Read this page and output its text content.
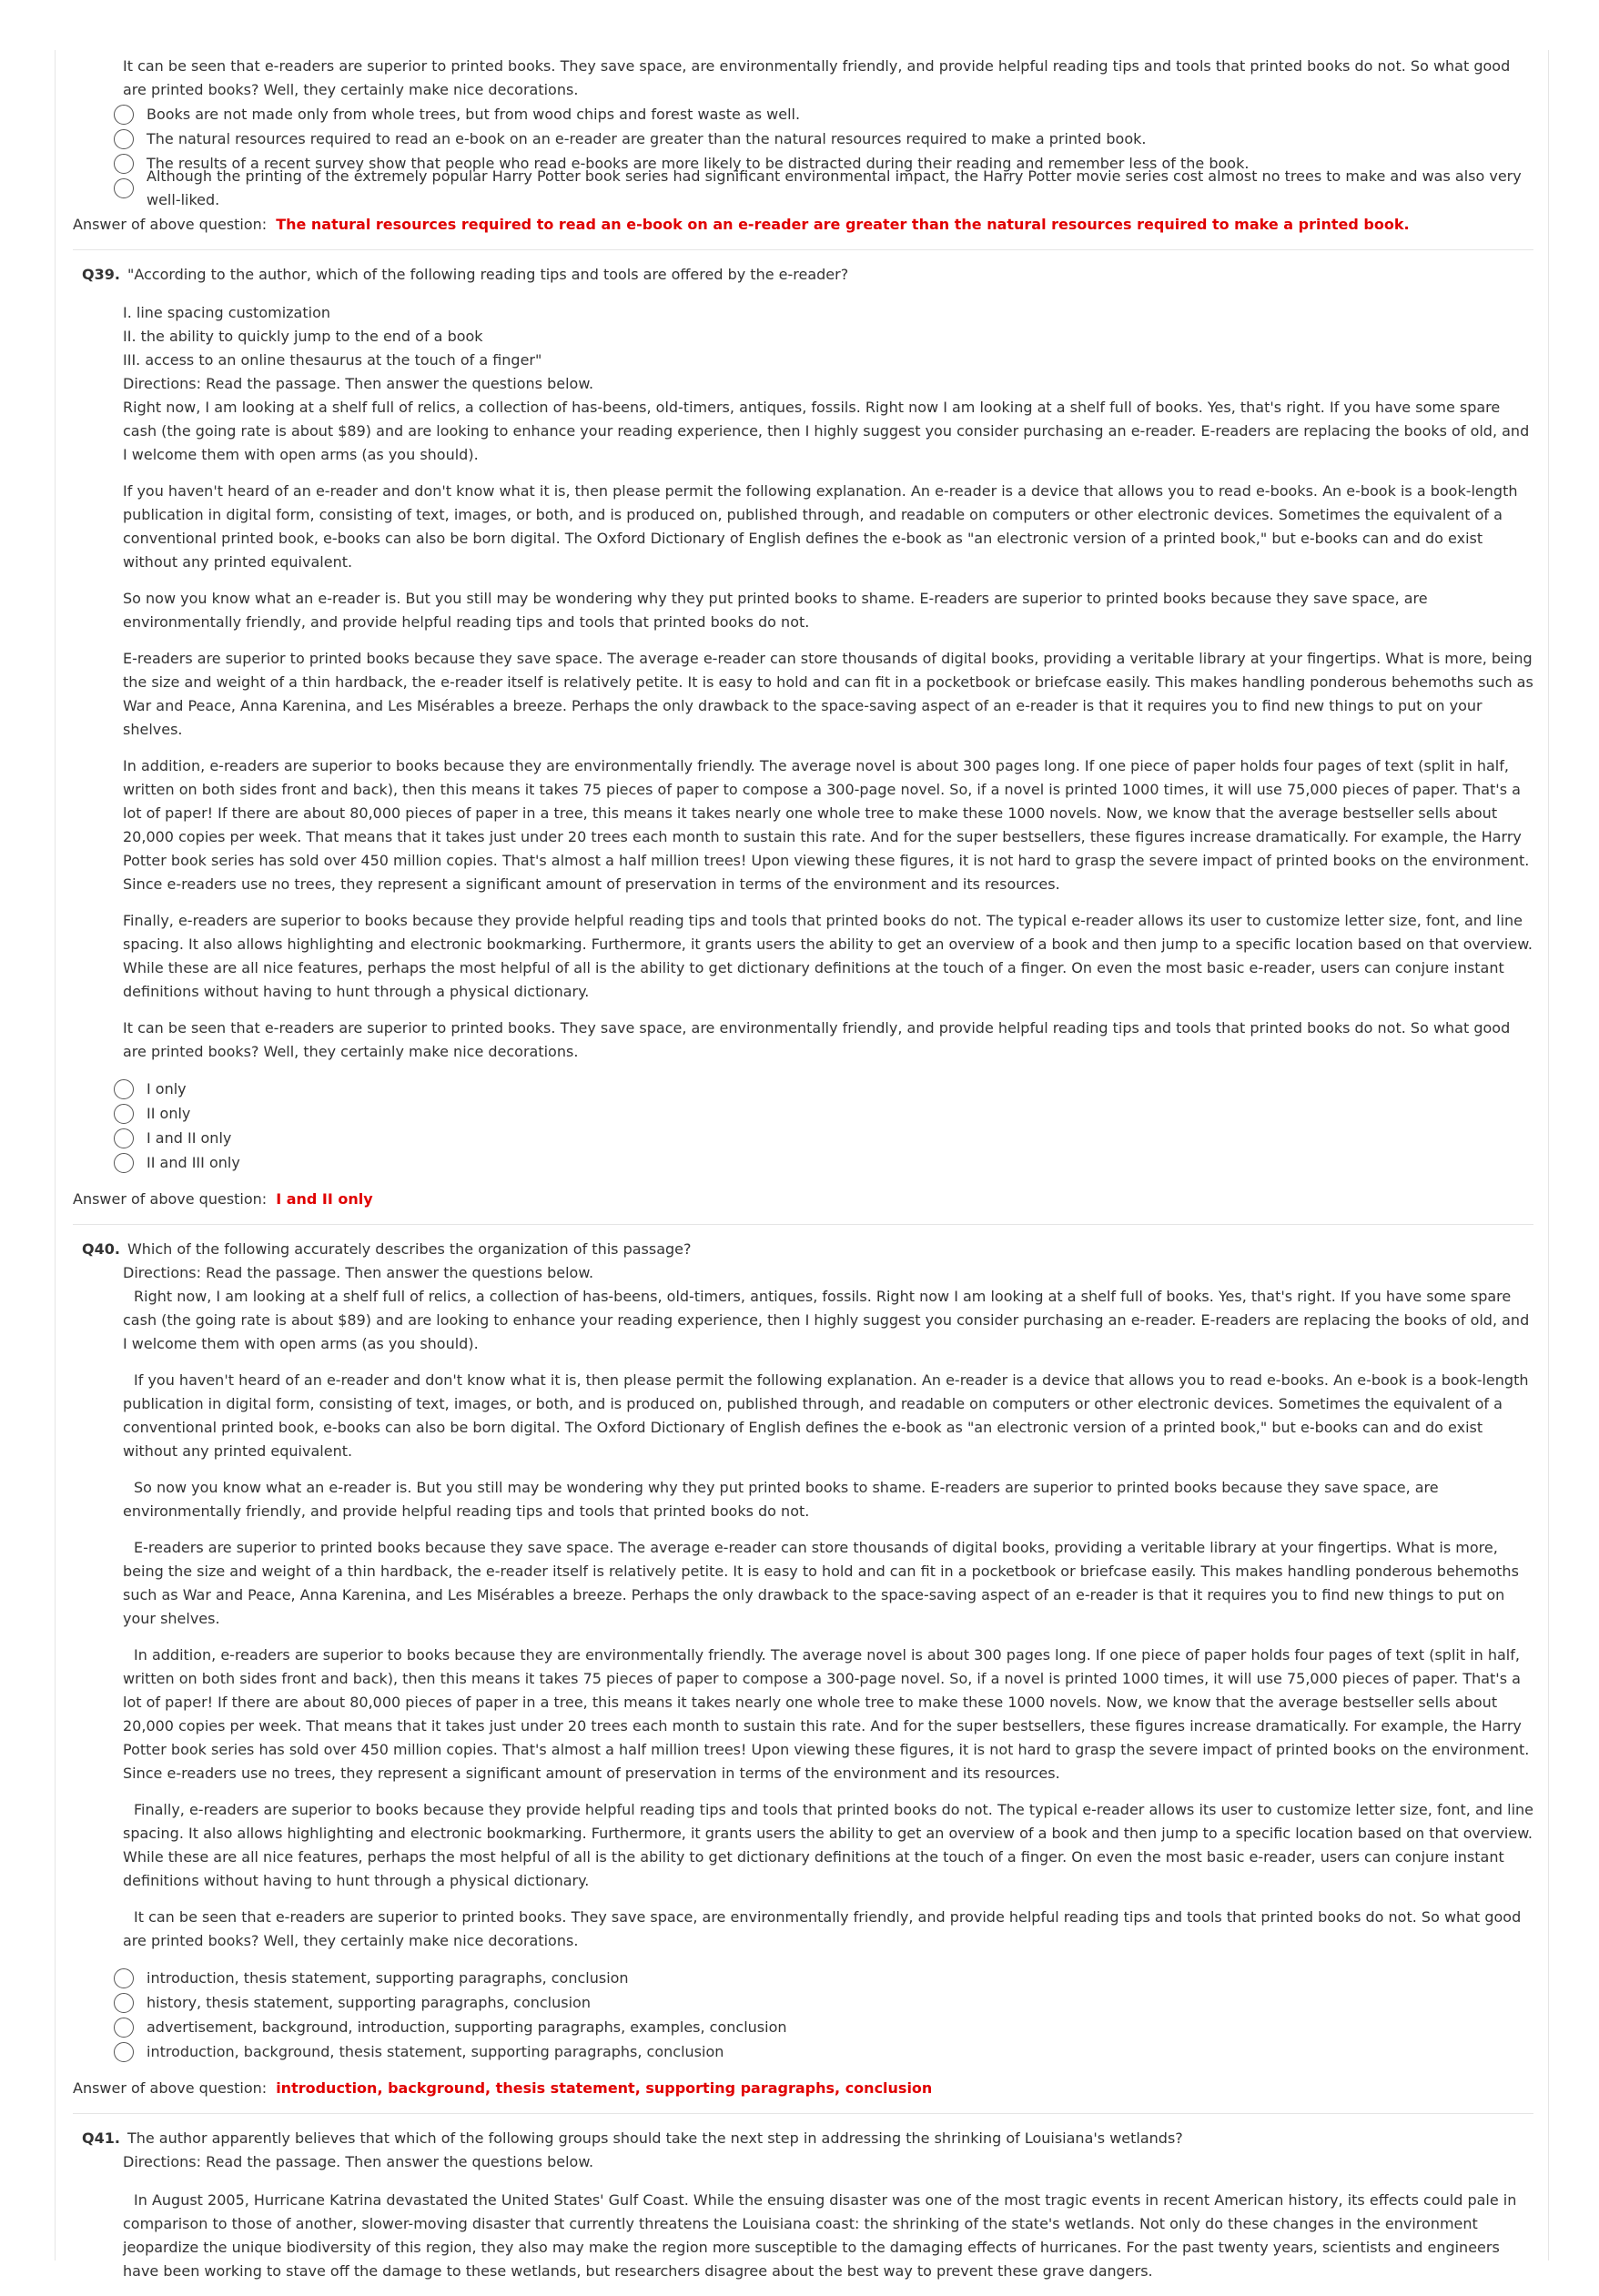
It can be seen that e-readers are superior to printed books. They save space, are environmentally friendly, and provide helpful reading tips and tools that printed books do not. So what good are printed books? Well, they certainly make nice decorations.

Books are not made only from whole trees, but from wood chips and forest waste as well.
The natural resources required to read an e-book on an e-reader are greater than the natural resources required to make a printed book.
The results of a recent survey show that people who read e-books are more likely to be distracted during their reading and remember less of the book.
Although the printing of the extremely popular Harry Potter book series had significant environmental impact, the Harry Potter movie series cost almost no trees to make and was also very well-liked.
Answer of above question: The natural resources required to read an e-book on an e-reader are greater than the natural resources required to make a printed book.
Q39. "According to the author, which of the following reading tips and tools are offered by the e-reader?

I. line spacing customization

II. the ability to quickly jump to the end of a book

III. access to an online thesaurus at the touch of a finger"

Directions: Read the passage. Then answer the questions below.

Right now, I am looking at a shelf full of relics, a collection of has-beens, old-timers, antiques, fossils. Right now I am looking at a shelf full of books. Yes, that's right. If you have some spare cash (the going rate is about $89) and are looking to enhance your reading experience, then I highly suggest you consider purchasing an e-reader. E-readers are replacing the books of old, and I welcome them with open arms (as you should).

If you haven't heard of an e-reader and don't know what it is, then please permit the following explanation. An e-reader is a device that allows you to read e-books. An e-book is a book-length publication in digital form, consisting of text, images, or both, and is produced on, published through, and readable on computers or other electronic devices. Sometimes the equivalent of a conventional printed book, e-books can also be born digital. The Oxford Dictionary of English defines the e-book as "an electronic version of a printed book," but e-books can and do exist without any printed equivalent.

So now you know what an e-reader is. But you still may be wondering why they put printed books to shame. E-readers are superior to printed books because they save space, are environmentally friendly, and provide helpful reading tips and tools that printed books do not.

E-readers are superior to printed books because they save space. The average e-reader can store thousands of digital books, providing a veritable library at your fingertips. What is more, being the size and weight of a thin hardback, the e-reader itself is relatively petite. It is easy to hold and can fit in a pocketbook or briefcase easily. This makes handling ponderous behemoths such as War and Peace, Anna Karenina, and Les Misérables a breeze. Perhaps the only drawback to the space-saving aspect of an e-reader is that it requires you to find new things to put on your shelves.

In addition, e-readers are superior to books because they are environmentally friendly. The average novel is about 300 pages long. If one piece of paper holds four pages of text (split in half, written on both sides front and back), then this means it takes 75 pieces of paper to compose a 300-page novel. So, if a novel is printed 1000 times, it will use 75,000 pieces of paper. That's a lot of paper! If there are about 80,000 pieces of paper in a tree, this means it takes nearly one whole tree to make these 1000 novels. Now, we know that the average bestseller sells about 20,000 copies per week. That means that it takes just under 20 trees each month to sustain this rate. And for the super bestsellers, these figures increase dramatically. For example, the Harry Potter book series has sold over 450 million copies. That's almost a half million trees! Upon viewing these figures, it is not hard to grasp the severe impact of printed books on the environment. Since e-readers use no trees, they represent a significant amount of preservation in terms of the environment and its resources.

Finally, e-readers are superior to books because they provide helpful reading tips and tools that printed books do not. The typical e-reader allows its user to customize letter size, font, and line spacing. It also allows highlighting and electronic bookmarking. Furthermore, it grants users the ability to get an overview of a book and then jump to a specific location based on that overview. While these are all nice features, perhaps the most helpful of all is the ability to get dictionary definitions at the touch of a finger. On even the most basic e-reader, users can conjure instant definitions without having to hunt through a physical dictionary.

It can be seen that e-readers are superior to printed books. They save space, are environmentally friendly, and provide helpful reading tips and tools that printed books do not. So what good are printed books? Well, they certainly make nice decorations.

I only
II only
I and II only
II and III only
Answer of above question: I and II only
Q40. Which of the following accurately describes the organization of this passage?

Directions: Read the passage. Then answer the questions below.

Right now, I am looking at a shelf full of relics, a collection of has-beens, old-timers, antiques, fossils. Right now I am looking at a shelf full of books. Yes, that's right. If you have some spare cash (the going rate is about $89) and are looking to enhance your reading experience, then I highly suggest you consider purchasing an e-reader. E-readers are replacing the books of old, and I welcome them with open arms (as you should).

If you haven't heard of an e-reader and don't know what it is, then please permit the following explanation. An e-reader is a device that allows you to read e-books. An e-book is a book-length publication in digital form, consisting of text, images, or both, and is produced on, published through, and readable on computers or other electronic devices. Sometimes the equivalent of a conventional printed book, e-books can also be born digital. The Oxford Dictionary of English defines the e-book as "an electronic version of a printed book," but e-books can and do exist without any printed equivalent.

So now you know what an e-reader is. But you still may be wondering why they put printed books to shame. E-readers are superior to printed books because they save space, are environmentally friendly, and provide helpful reading tips and tools that printed books do not.

E-readers are superior to printed books because they save space. The average e-reader can store thousands of digital books, providing a veritable library at your fingertips. What is more, being the size and weight of a thin hardback, the e-reader itself is relatively petite. It is easy to hold and can fit in a pocketbook or briefcase easily. This makes handling ponderous behemoths such as War and Peace, Anna Karenina, and Les Misérables a breeze. Perhaps the only drawback to the space-saving aspect of an e-reader is that it requires you to find new things to put on your shelves.

In addition, e-readers are superior to books because they are environmentally friendly. The average novel is about 300 pages long. If one piece of paper holds four pages of text (split in half, written on both sides front and back), then this means it takes 75 pieces of paper to compose a 300-page novel. So, if a novel is printed 1000 times, it will use 75,000 pieces of paper. That's a lot of paper! If there are about 80,000 pieces of paper in a tree, this means it takes nearly one whole tree to make these 1000 novels. Now, we know that the average bestseller sells about 20,000 copies per week. That means that it takes just under 20 trees each month to sustain this rate. And for the super bestsellers, these figures increase dramatically. For example, the Harry Potter book series has sold over 450 million copies. That's almost a half million trees! Upon viewing these figures, it is not hard to grasp the severe impact of printed books on the environment. Since e-readers use no trees, they represent a significant amount of preservation in terms of the environment and its resources.

Finally, e-readers are superior to books because they provide helpful reading tips and tools that printed books do not. The typical e-reader allows its user to customize letter size, font, and line spacing. It also allows highlighting and electronic bookmarking. Furthermore, it grants users the ability to get an overview of a book and then jump to a specific location based on that overview. While these are all nice features, perhaps the most helpful of all is the ability to get dictionary definitions at the touch of a finger. On even the most basic e-reader, users can conjure instant definitions without having to hunt through a physical dictionary.

It can be seen that e-readers are superior to printed books. They save space, are environmentally friendly, and provide helpful reading tips and tools that printed books do not. So what good are printed books? Well, they certainly make nice decorations.

introduction, thesis statement, supporting paragraphs, conclusion
history, thesis statement, supporting paragraphs, conclusion
advertisement, background, introduction, supporting paragraphs, examples, conclusion
introduction, background, thesis statement, supporting paragraphs, conclusion
Answer of above question: introduction, background, thesis statement, supporting paragraphs, conclusion
Q41. The author apparently believes that which of the following groups should take the next step in addressing the shrinking of Louisiana's wetlands?

Directions: Read the passage. Then answer the questions below.

In August 2005, Hurricane Katrina devastated the United States' Gulf Coast. While the ensuing disaster was one of the most tragic events in recent American history, its effects could pale in comparison to those of another, slower-moving disaster that currently threatens the Louisiana coast: the shrinking of the state's wetlands. Not only do these changes in the environment jeopardize the unique biodiversity of this region, they also may make the region more susceptible to the damaging effects of hurricanes. For the past twenty years, scientists and engineers have been working to stave off the damage to these wetlands, but researchers disagree about the best way to prevent these grave dangers.
